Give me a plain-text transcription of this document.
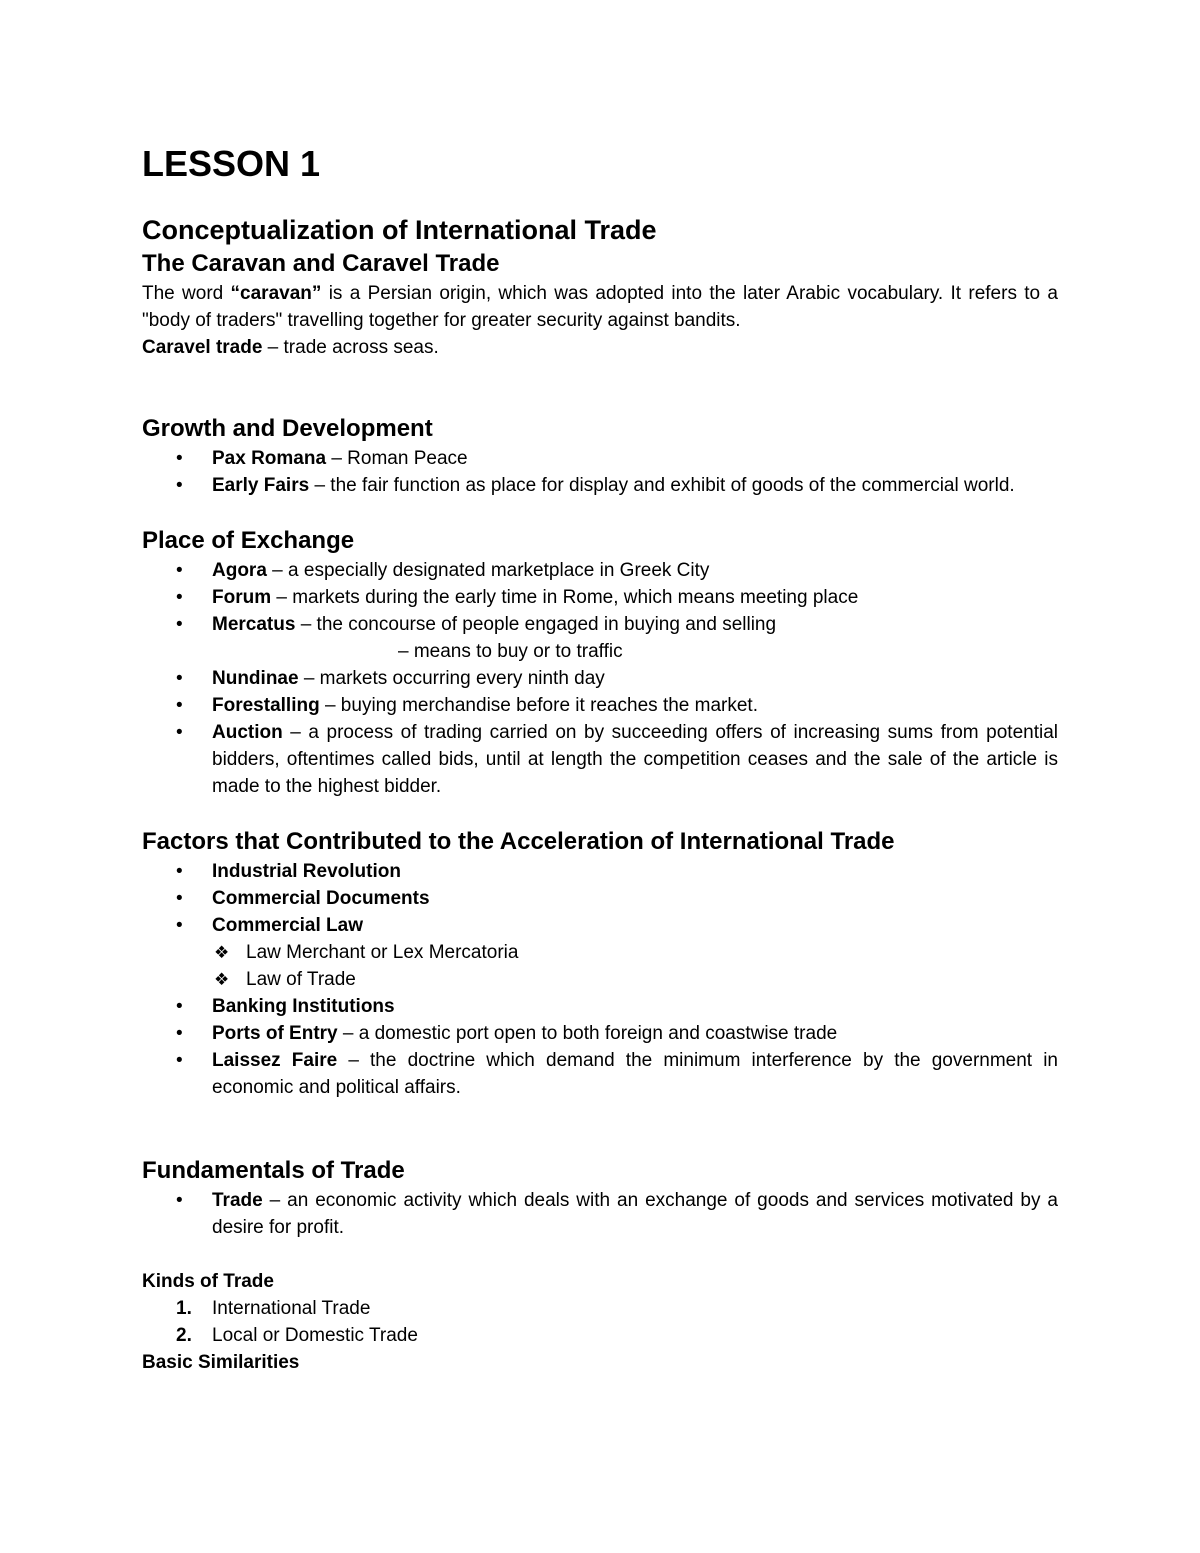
LESSON 1
Conceptualization of International Trade
The Caravan and Caravel Trade

The word “caravan” is a Persian origin, which was adopted into the later Arabic vocabulary. It refers to a "body of traders" travelling together for greater security against bandits.

Caravel trade – trade across seas.

Growth and Development
•	Pax Romana – Roman Peace
•	Early Fairs – the fair function as place for display and exhibit of goods of the commercial world.
Place of Exchange
•	Agora – a especially designated marketplace in Greek City
•	Forum – markets during the early time in Rome, which means meeting place
•	Mercatus – the concourse of people engaged in buying and selling
– means to buy or to traffic
•	Nundinae – markets occurring every ninth day
•	Forestalling – buying merchandise before it reaches the market.
•	Auction – a process of trading carried on by succeeding offers of increasing sums from potential bidders, oftentimes called bids, until at length the competition ceases and the sale of the article is made to the highest bidder.
Factors that Contributed to the Acceleration of International Trade
•	Industrial Revolution
•	Commercial Documents
•	Commercial Law
❖ Law Merchant or Lex Mercatoria
❖ Law of Trade
•	Banking Institutions
•	Ports of Entry – a domestic port open to both foreign and coastwise trade
•	Laissez Faire – the doctrine which demand the minimum interference by the government in economic and political affairs.
Fundamentals of Trade
•	Trade – an economic activity which deals with an exchange of goods and services motivated by a desire for profit.
Kinds of Trade
1. International Trade
2. Local or Domestic Trade
Basic Similarities
